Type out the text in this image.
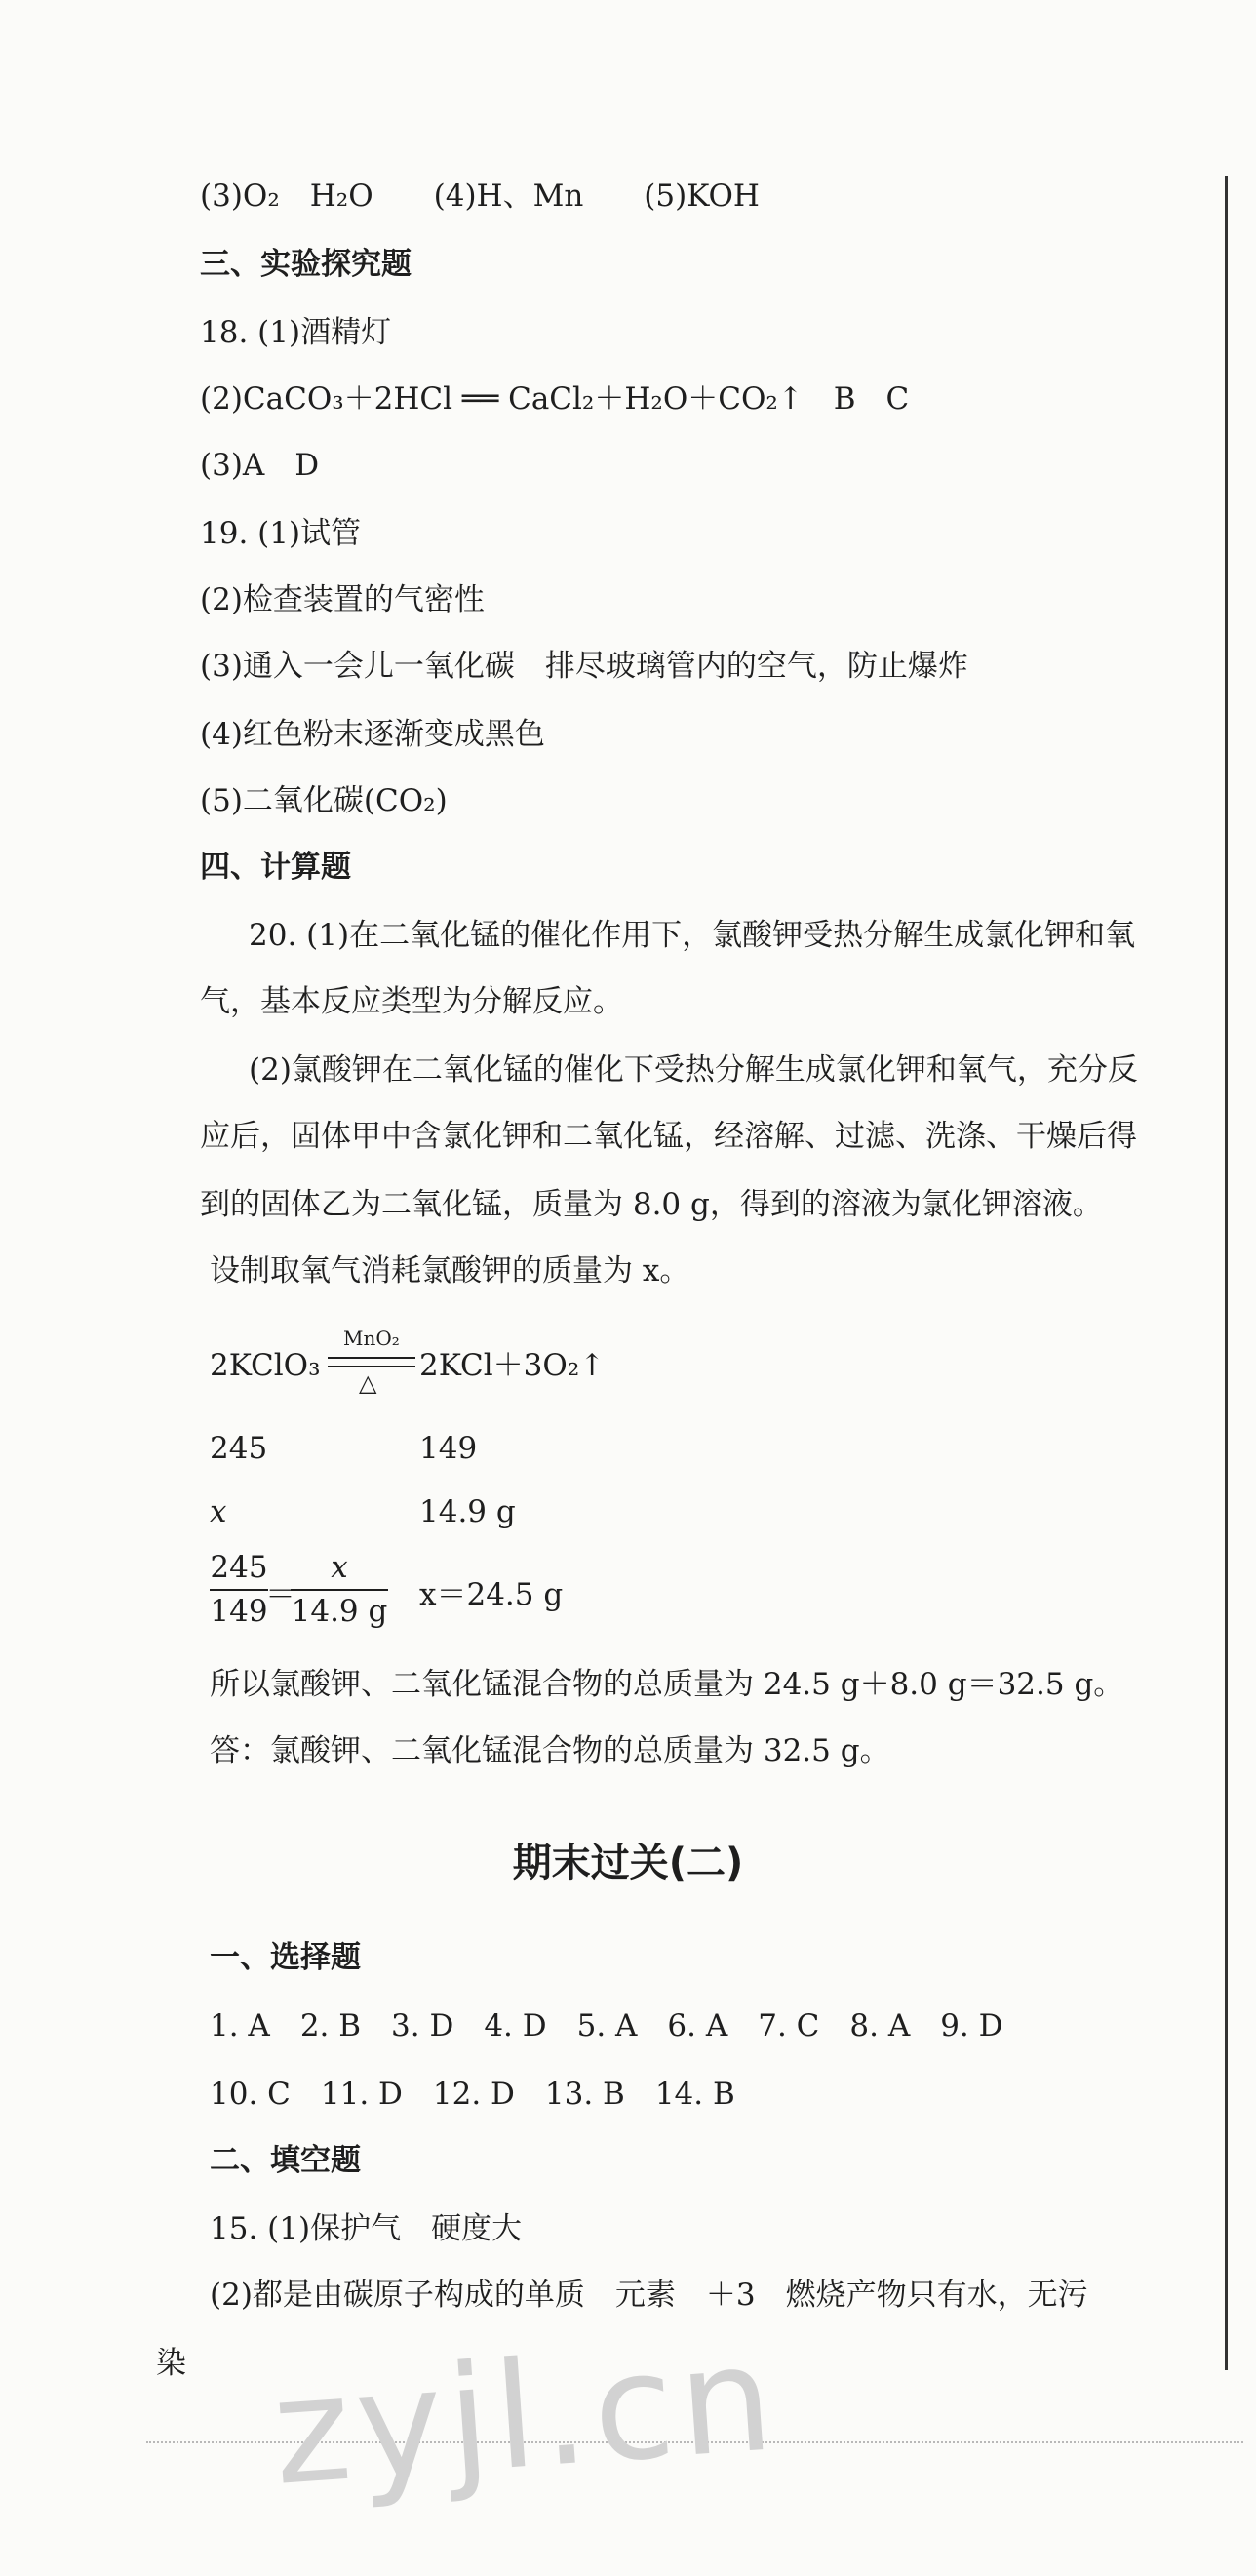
(3)O₂　H₂O　　(4)H、Mn　　(5)KOH
三、实验探究题
18. (1)酒精灯
(2)CaCO₃＋2HCl ══ CaCl₂＋H₂O＋CO₂↑　B　C
(3)A　D
19. (1)试管
(2)检查装置的气密性
(3)通入一会儿一氧化碳　排尽玻璃管内的空气，防止爆炸
(4)红色粉末逐渐变成黑色
(5)二氧化碳(CO₂)
四、计算题
20. (1)在二氧化锰的催化作用下，氯酸钾受热分解生成氯化钾和氧
气，基本反应类型为分解反应。
(2)氯酸钾在二氧化锰的催化下受热分解生成氯化钾和氧气，充分反
应后，固体甲中含氯化钾和二氧化锰，经溶解、过滤、洗涤、干燥后得
到的固体乙为二氧化锰，质量为 8.0 g，得到的溶液为氯化钾溶液。
设制取氧气消耗氯酸钾的质量为 x。
2KClO₃
MnO₂
△ 2KCl＋3O₂↑
245	149
x	14.9 g
245
149
＝
x
14.9 g x＝24.5 g
所以氯酸钾、二氧化锰混合物的总质量为 24.5 g＋8.0 g＝32.5 g。
答：氯酸钾、二氧化锰混合物的总质量为 32.5 g。
期末过关(二)
一、选择题
1. A　2. B　3. D　4. D　5. A　6. A　7. C　8. A　9. D
10. C　11. D　12. D　13. B　14. B
二、填空题
15. (1)保护气　硬度大
(2)都是由碳原子构成的单质　元素　＋3　燃烧产物只有水，无污
染 zyjl.cn
